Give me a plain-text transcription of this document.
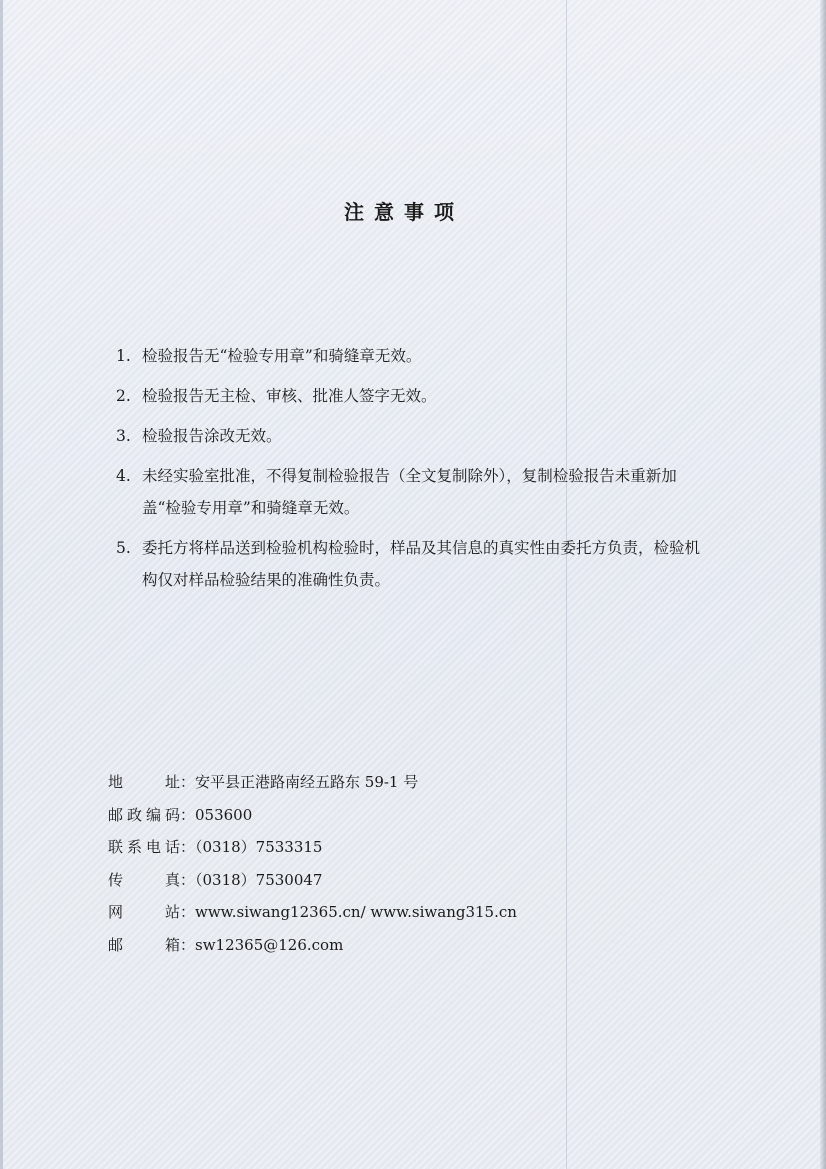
注意事项
1. 检验报告无“检验专用章”和骑缝章无效。
2. 检验报告无主检、审核、批准人签字无效。
3. 检验报告涂改无效。
4. 未经实验室批准，不得复制检验报告（全文复制除外），复制检验报告未重新加盖“检验专用章”和骑缝章无效。
5. 委托方将样品送到检验机构检验时，样品及其信息的真实性由委托方负责，检验机构仅对样品检验结果的准确性负责。
地　址：安平县正港路南经五路东 59-1 号
邮政编码：053600
联系电话：（0318）7533315
传　真：（0318）7530047
网　站：www.siwang12365.cn/ www.siwang315.cn
邮　箱：sw12365@126.com
